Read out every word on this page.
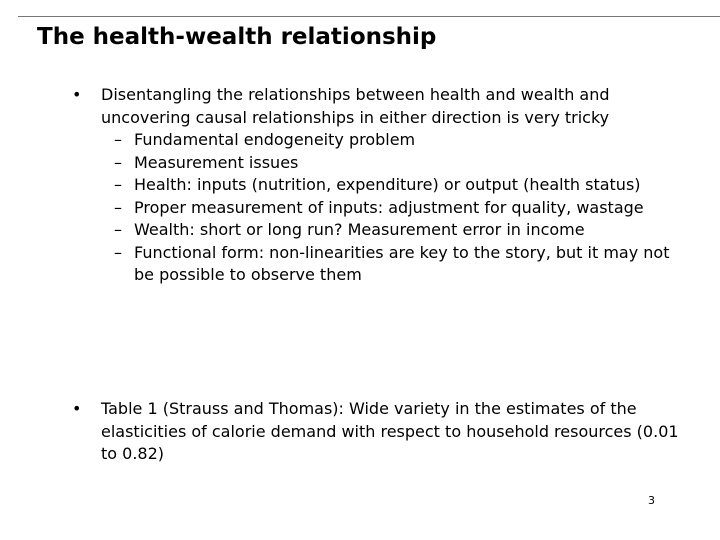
The health-wealth relationship
• Disentangling the relationships between health and wealth and uncovering causal relationships in either direction is very tricky
– Fundamental endogeneity problem
– Measurement issues
– Health: inputs (nutrition, expenditure) or output (health status)
– Proper measurement of inputs: adjustment for quality, wastage
– Wealth: short or long run? Measurement error in income
– Functional form: non-linearities are key to the story, but it may not be possible to observe them
• Table 1 (Strauss and Thomas): Wide variety in the estimates of the elasticities of calorie demand with respect to household resources (0.01 to 0.82)
3
